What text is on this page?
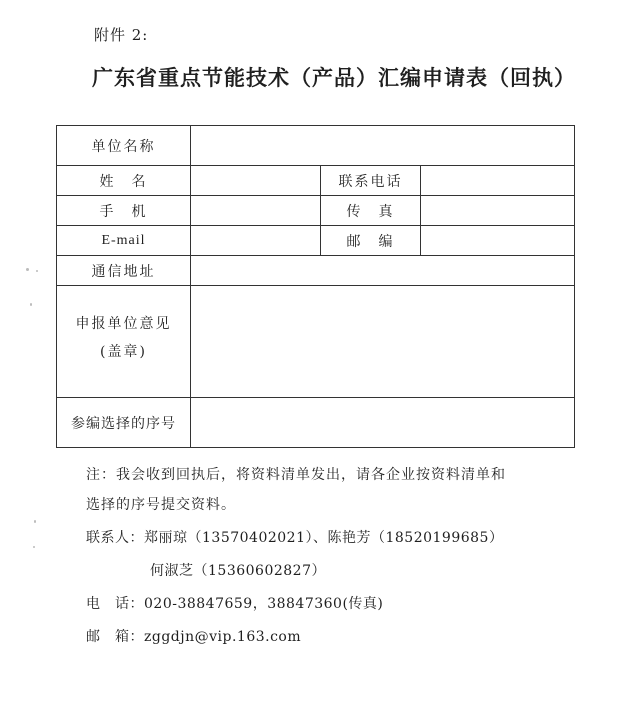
附件 2:
广东省重点节能技术（产品）汇编申请表（回执）
单位名称			
姓　名		联系电话	
手　机		传　真	
E-mail		邮　编	
通信地址			

申报单位意见
(盖章)			

参编选择的序号			

注：我会收到回执后，将资料清单发出，请各企业按资料清单和

选择的序号提交资料。

联系人：郑丽琼（13570402021）、陈艳芳（18520199685）
何淑芝（15360602827）
电　话：020-38847659，38847360(传真)
邮　箱：zggdjn@vip.163.com
